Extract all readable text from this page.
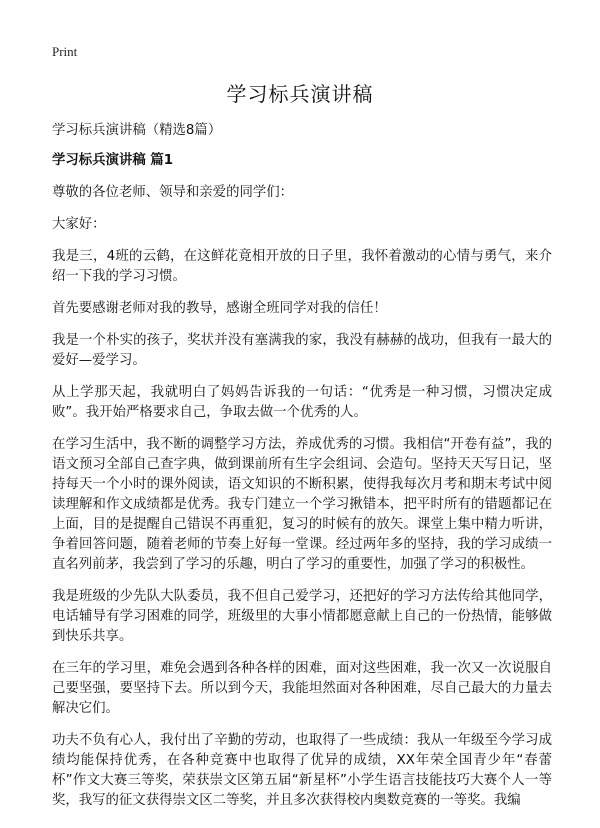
Print
学习标兵演讲稿

学习标兵演讲稿（精选8篇）

学习标兵演讲稿 篇1

尊敬的各位老师、领导和亲爱的同学们：

大家好：

我是三，4班的云鹤，在这鲜花竟相开放的日子里，我怀着激动的心情与勇气，来介绍一下我的学习习惯。

首先要感谢老师对我的教导，感谢全班同学对我的信任！

我是一个朴实的孩子，奖状并没有塞满我的家，我没有赫赫的战功，但我有一最大的爱好—爱学习。

从上学那天起，我就明白了妈妈告诉我的一句话：“优秀是一种习惯，习惯决定成败”。我开始严格要求自己，争取去做一个优秀的人。

在学习生活中，我不断的调整学习方法，养成优秀的习惯。我相信“开卷有益”，我的语文预习全部自己查字典，做到课前所有生字会组词、会造句。坚持天天写日记，坚持每天一个小时的课外阅读，语文知识的不断积累，使得我每次月考和期末考试中阅读理解和作文成绩都是优秀。我专门建立一个学习揪错本，把平时所有的错题都记在上面，目的是提醒自己错误不再重犯，复习的时候有的放矢。课堂上集中精力听讲，争着回答问题，随着老师的节奏上好每一堂课。经过两年多的坚持，我的学习成绩一直名列前茅，我尝到了学习的乐趣，明白了学习的重要性，加强了学习的积极性。

我是班级的少先队大队委员，我不但自己爱学习，还把好的学习方法传给其他同学，电话辅导有学习困难的同学，班级里的大事小情都愿意献上自己的一份热情，能够做到快乐共享。

在三年的学习里，难免会遇到各种各样的困难，面对这些困难，我一次又一次说服自己要坚强，要坚持下去。所以到今天，我能坦然面对各种困难，尽自己最大的力量去解决它们。

功夫不负有心人，我付出了辛勤的劳动，也取得了一些成绩：我从一年级至今学习成绩均能保持优秀，在各种竞赛中也取得了优异的成绩，XX年荣全国青少年“春蕾杯”作文大赛三等奖，荣获崇文区第五届“新星杯”小学生语言技能技巧大赛个人一等奖，我写的征文获得崇文区二等奖，并且多次获得校内奥数竞赛的一等奖。我编
